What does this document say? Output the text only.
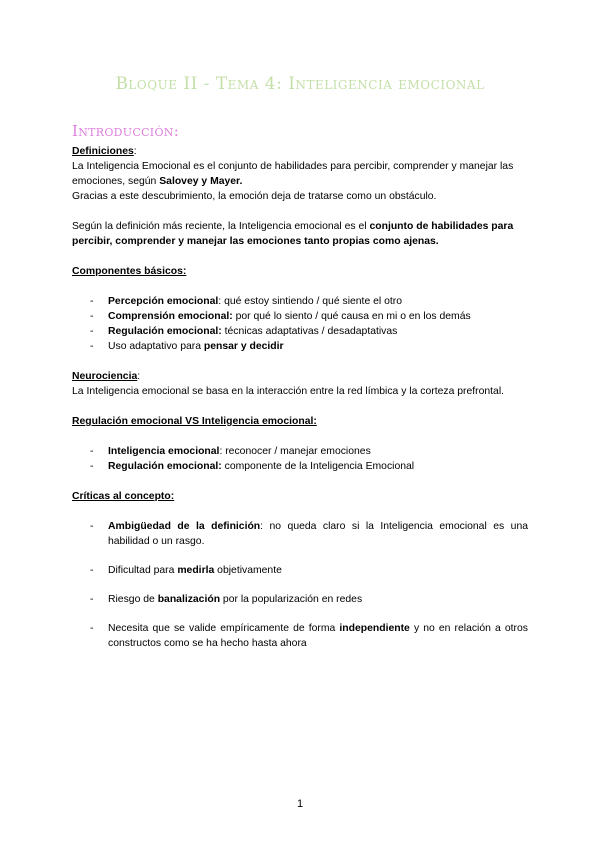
Bloque II - Tema 4: Inteligencia emocional
Introducción:

Definiciones:

La Inteligencia Emocional es el conjunto de habilidades para percibir, comprender y manejar las emociones, según Salovey y Mayer.

Gracias a este descubrimiento, la emoción deja de tratarse como un obstáculo.

Según la definición más reciente, la Inteligencia emocional es el conjunto de habilidades para percibir, comprender y manejar las emociones tanto propias como ajenas.

Componentes básicos:

- Percepción emocional: qué estoy sintiendo / qué siente el otro
- Comprensión emocional: por qué lo siento / qué causa en mi o en los demás
- Regulación emocional: técnicas adaptativas / desadaptativas
- Uso adaptativo para pensar y decidir

Neurociencia:

La Inteligencia emocional se basa en la interacción entre la red límbica y la corteza prefrontal.

Regulación emocional VS Inteligencia emocional:

- Inteligencia emocional: reconocer / manejar emociones
- Regulación emocional: componente de la Inteligencia Emocional

Críticas al concepto:

- Ambigüedad de la definición: no queda claro si la Inteligencia emocional es una habilidad o un rasgo.
- Dificultad para medirla objetivamente
- Riesgo de banalización por la popularización en redes
- Necesita que se valide empíricamente de forma independiente y no en relación a otros constructos como se ha hecho hasta ahora
1
